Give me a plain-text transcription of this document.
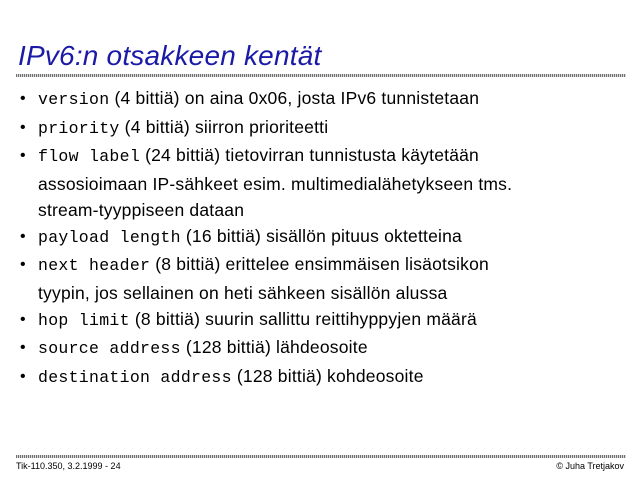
IPv6:n otsakkeen kentät
• version (4 bittiä) on aina 0x06, josta IPv6 tunnistetaan
• priority (4 bittiä) siirron prioriteetti
• flow label (24 bittiä) tietovirran tunnistusta käytetään
assosioimaan IP-sähkeet esim. multimedialähetykseen tms.
stream-tyyppiseen dataan
• payload length (16 bittiä) sisällön pituus oktetteina
• next header (8 bittiä) erittelee ensimmäisen lisäotsikon
tyypin, jos sellainen on heti sähkeen sisällön alussa
• hop limit (8 bittiä) suurin sallittu reittihyppyjen määrä
• source address (128 bittiä) lähdeosoite
• destination address (128 bittiä) kohdeosoite
Tik-110.350, 3.2.1999 - 24	© Juha Tretjakov
